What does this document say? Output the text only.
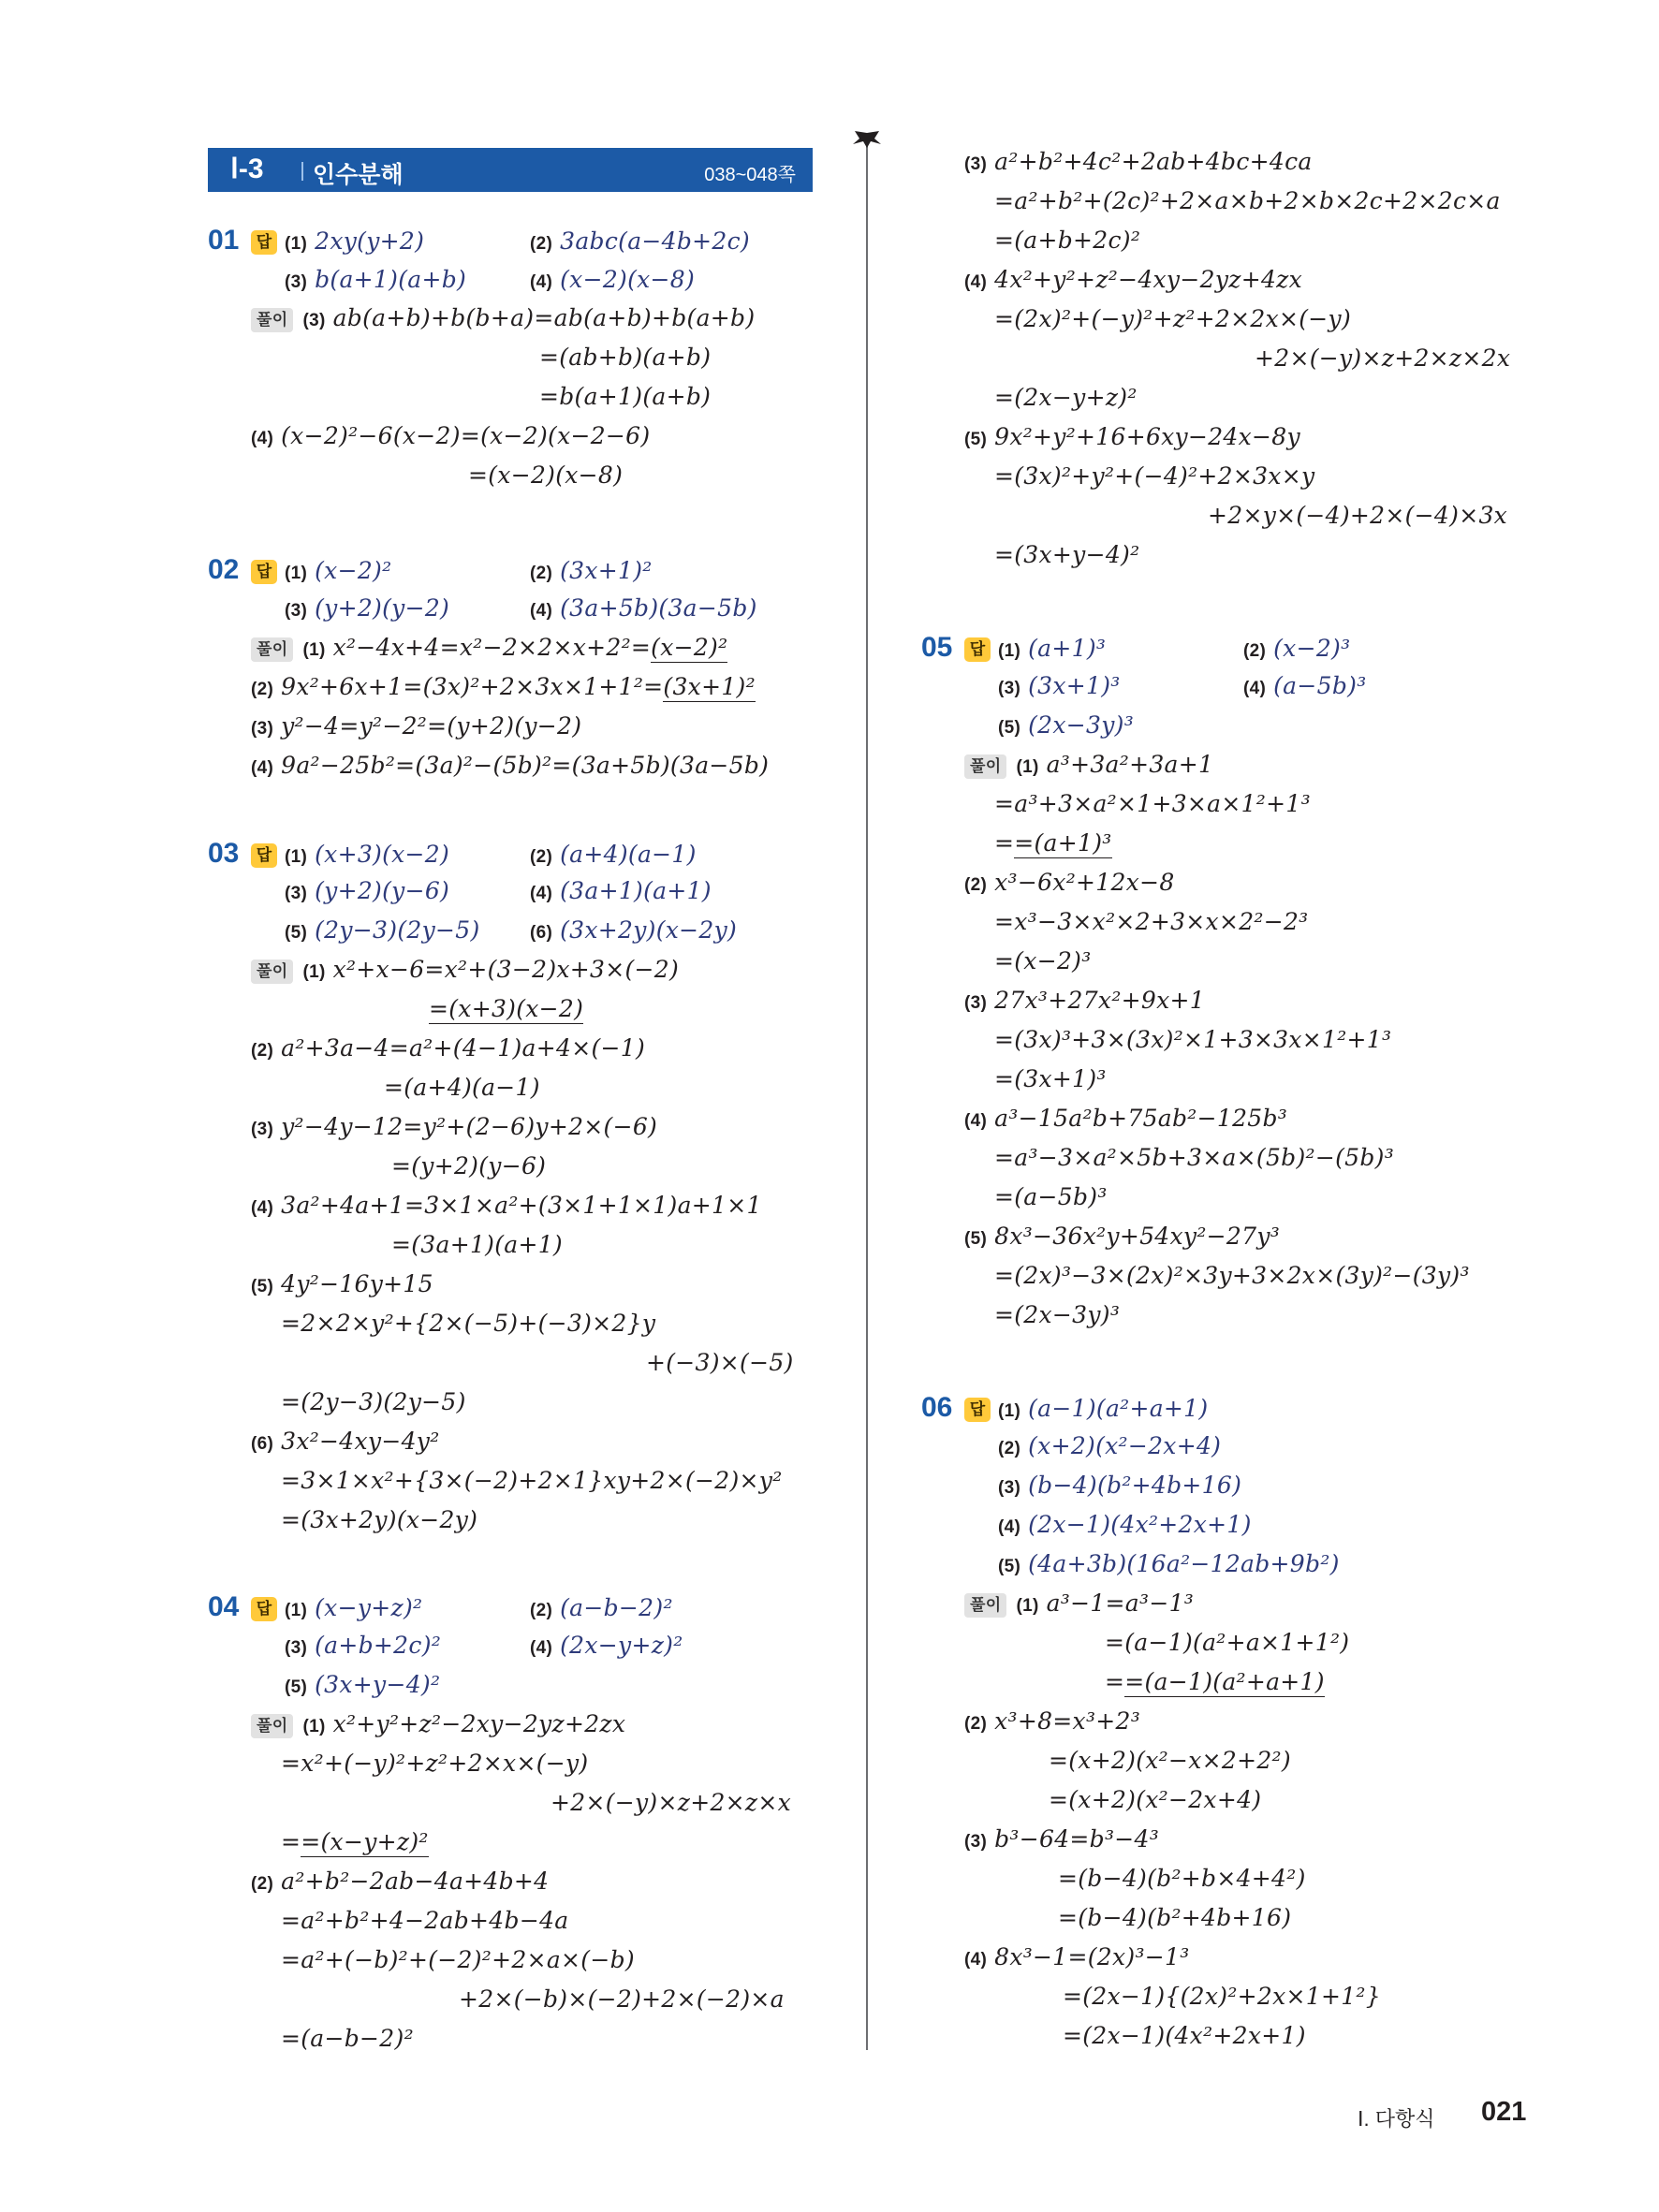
Ⅰ-3 인수분해	038~048쪽
01	답 (1) 2xy(y+2)	(2) 3abc(a−4b+2c)
(3) b(a+1)(a+b)	(4) (x−2)(x−8)
풀이 (3) ab(a+b)+b(b+a)=ab(a+b)+b(a+b)
=(ab+b)(a+b)
=b(a+1)(a+b)
(4) (x−2)²−6(x−2)=(x−2)(x−2−6)
=(x−2)(x−8)
02	답 (1) (x−2)²	(2) (3x+1)²
(3) (y+2)(y−2)	(4) (3a+5b)(3a−5b)
풀이 (1) x²−4x+4=x²−2×2×x+2²=(x−2)²
(2) 9x²+6x+1=(3x)²+2×3x×1+1²=(3x+1)²
(3) y²−4=y²−2²=(y+2)(y−2)
(4) 9a²−25b²=(3a)²−(5b)²=(3a+5b)(3a−5b)
03	답 (1) (x+3)(x−2)	(2) (a+4)(a−1)
(3) (y+2)(y−6)	(4) (3a+1)(a+1)
(5) (2y−3)(2y−5)	(6) (3x+2y)(x−2y)
풀이 (1) x²+x−6=x²+(3−2)x+3×(−2)
=(x+3)(x−2)
(2) a²+3a−4=a²+(4−1)a+4×(−1)
=(a+4)(a−1)
(3) y²−4y−12=y²+(2−6)y+2×(−6)
=(y+2)(y−6)
(4) 3a²+4a+1=3×1×a²+(3×1+1×1)a+1×1
=(3a+1)(a+1)
(5) 4y²−16y+15
=2×2×y²+{2×(−5)+(−3)×2}y
+(−3)×(−5)
=(2y−3)(2y−5)
(6) 3x²−4xy−4y²
=3×1×x²+{3×(−2)+2×1}xy+2×(−2)×y²
=(3x+2y)(x−2y)
04	답 (1) (x−y+z)²	(2) (a−b−2)²
(3) (a+b+2c)²	(4) (2x−y+z)²
(5) (3x+y−4)²
풀이 (1) x²+y²+z²−2xy−2yz+2zx
=x²+(−y)²+z²+2×x×(−y)
+2×(−y)×z+2×z×x
==(x−y+z)²
(2) a²+b²−2ab−4a+4b+4
=a²+b²+4−2ab+4b−4a
=a²+(−b)²+(−2)²+2×a×(−b)
+2×(−b)×(−2)+2×(−2)×a
=(a−b−2)²
(3) a²+b²+4c²+2ab+4bc+4ca
=a²+b²+(2c)²+2×a×b+2×b×2c+2×2c×a
=(a+b+2c)²
(4) 4x²+y²+z²−4xy−2yz+4zx
=(2x)²+(−y)²+z²+2×2x×(−y)
+2×(−y)×z+2×z×2x
=(2x−y+z)²
(5) 9x²+y²+16+6xy−24x−8y
=(3x)²+y²+(−4)²+2×3x×y
+2×y×(−4)+2×(−4)×3x
=(3x+y−4)²
05	답 (1) (a+1)³	(2) (x−2)³
(3) (3x+1)³	(4) (a−5b)³
(5) (2x−3y)³
풀이 (1) a³+3a²+3a+1
=a³+3×a²×1+3×a×1²+1³
==(a+1)³
(2) x³−6x²+12x−8
=x³−3×x²×2+3×x×2²−2³
=(x−2)³
(3) 27x³+27x²+9x+1
=(3x)³+3×(3x)²×1+3×3x×1²+1³
=(3x+1)³
(4) a³−15a²b+75ab²−125b³
=a³−3×a²×5b+3×a×(5b)²−(5b)³
=(a−5b)³
(5) 8x³−36x²y+54xy²−27y³
=(2x)³−3×(2x)²×3y+3×2x×(3y)²−(3y)³
=(2x−3y)³
06	답 (1) (a−1)(a²+a+1)
(2) (x+2)(x²−2x+4)
(3) (b−4)(b²+4b+16)
(4) (2x−1)(4x²+2x+1)
(5) (4a+3b)(16a²−12ab+9b²)
풀이 (1) a³−1=a³−1³
=(a−1)(a²+a×1+1²)
==(a−1)(a²+a+1)
(2) x³+8=x³+2³
=(x+2)(x²−x×2+2²)
=(x+2)(x²−2x+4)
(3) b³−64=b³−4³
=(b−4)(b²+b×4+4²)
=(b−4)(b²+4b+16)
(4) 8x³−1=(2x)³−1³
=(2x−1){(2x)²+2x×1+1²}
=(2x−1)(4x²+2x+1)
Ⅰ. 다항식 021
